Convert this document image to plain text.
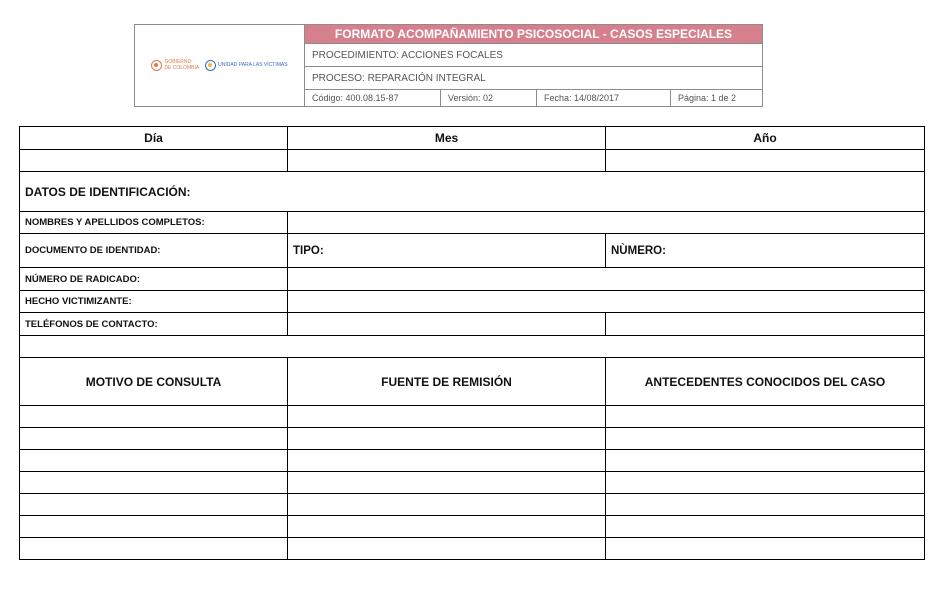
GOBIERNO
DE COLOMBIA	UNIDAD PARA LAS VÍCTIMAS
FORMATO ACOMPAÑAMIENTO PSICOSOCIAL - CASOS ESPECIALES
PROCEDIMIENTO: ACCIONES FOCALES
PROCESO: REPARACIÓN INTEGRAL
Código: 400.08.15-87	Versión: 02	Fecha: 14/08/2017	Página: 1 de 2
Día	Mes	Año

DATOS DE IDENTIFICACIÓN:		
NOMBRES Y APELLIDOS COMPLETOS:		
DOCUMENTO DE IDENTIDAD:	TIPO:	NÙMERO:
NÚMERO DE RADICADO:		
HECHO VICTIMIZANTE:		
TELÉFONOS DE CONTACTO:		

MOTIVO DE CONSULTA	FUENTE DE REMISIÓN	ANTECEDENTES CONOCIDOS DEL CASO
